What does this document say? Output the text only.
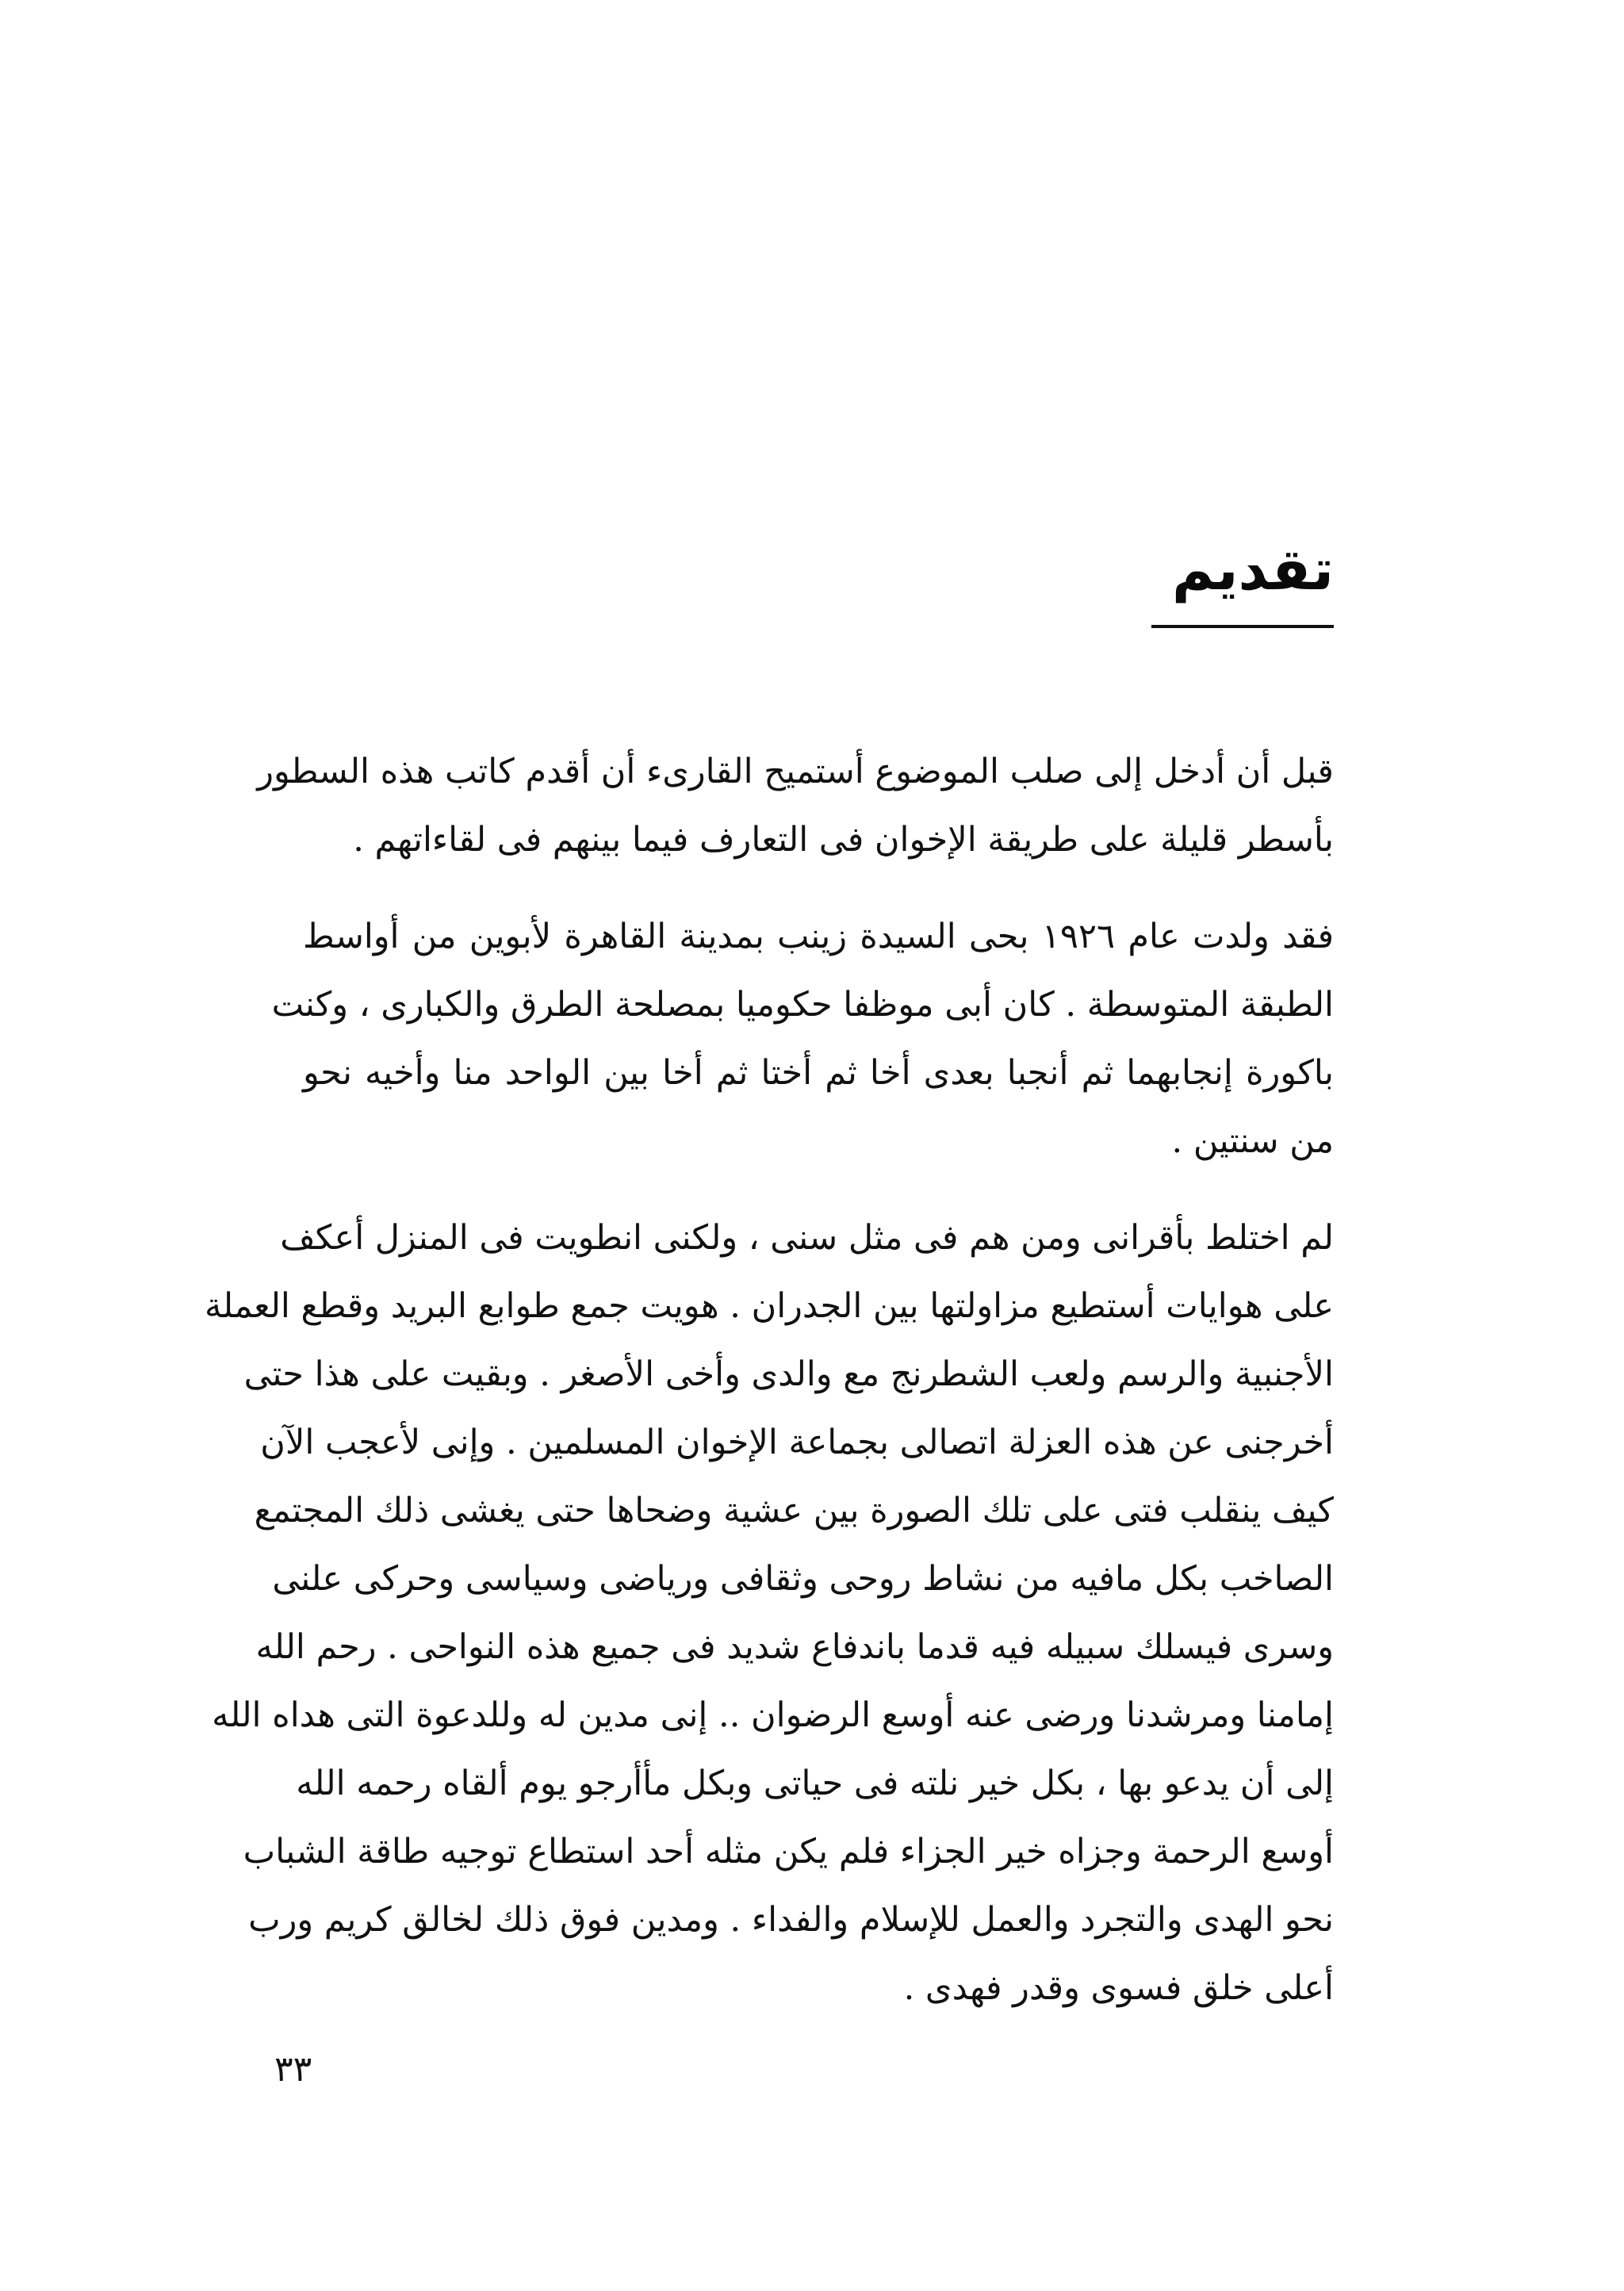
تقديم

قبل أن أدخل إلى صلب الموضوع أستميح القارىء أن أقدم كاتب هذه السطور
بأسطر قليلة على طريقة الإخوان فى التعارف فيما بينهم فى لقاءاتهم .

فقد ولدت عام ١٩٢٦ بحى السيدة زينب بمدينة القاهرة لأبوين من أواسط
الطبقة المتوسطة . كان أبى موظفا حكوميا بمصلحة الطرق والكبارى ، وكنت
باكورة إنجابهما ثم أنجبا بعدى أخا ثم أختا ثم أخا بين الواحد منا وأخيه نحو
من سنتين .

لم اختلط بأقرانى ومن هم فى مثل سنى ، ولكنى انطويت فى المنزل أعكف
على هوايات أستطيع مزاولتها بين الجدران . هويت جمع طوابع البريد وقطع العملة
الأجنبية والرسم ولعب الشطرنج مع والدى وأخى الأصغر . وبقيت على هذا حتى
أخرجنى عن هذه العزلة اتصالى بجماعة الإخوان المسلمين . وإنى لأعجب الآن
كيف ينقلب فتى على تلك الصورة بين عشية وضحاها حتى يغشى ذلك المجتمع
الصاخب بكل مافيه من نشاط روحى وثقافى ورياضى وسياسى وحركى علنى
وسرى فيسلك سبيله فيه قدما باندفاع شديد فى جميع هذه النواحى . رحم الله
إمامنا ومرشدنا ورضى عنه أوسع الرضوان .. إنى مدين له وللدعوة التى هداه الله
إلى أن يدعو بها ، بكل خير نلته فى حياتى وبكل مأأرجو يوم ألقاه رحمه الله
أوسع الرحمة وجزاه خير الجزاء فلم يكن مثله أحد استطاع توجيه طاقة الشباب
نحو الهدى والتجرد والعمل للإسلام والفداء . ومدين فوق ذلك لخالق كريم ورب
أعلى خلق فسوى وقدر فهدى .

٣٣
